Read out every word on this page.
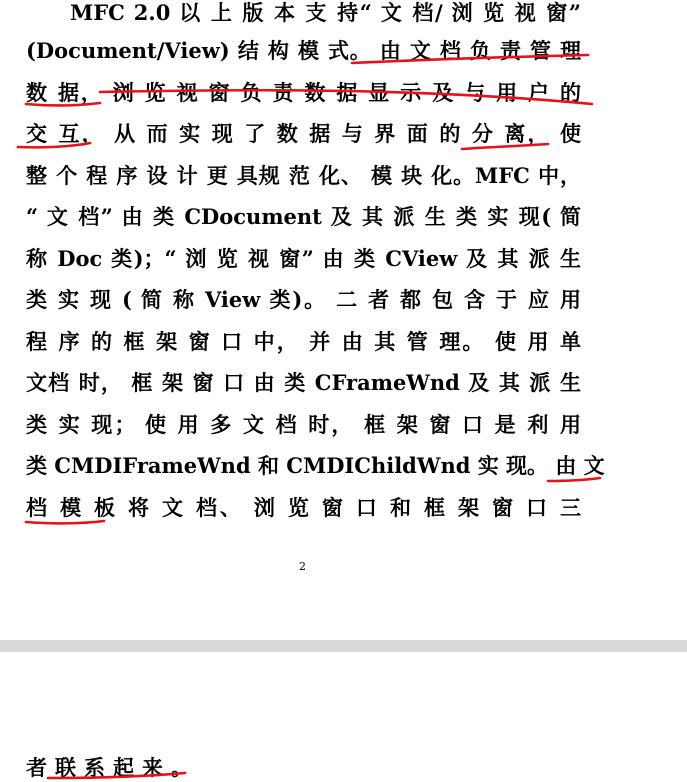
MFC 2.0 以 上 版 本 支 持“ 文 档/ 浏 览 视 窗”
(Document/View) 结 构 模 式。 由 文 档 负 责 管 理
数 据， 浏 览 视 窗 负 责 数 据 显 示 及 与 用 户 的
交 互， 从 而 实 现 了 数 据 与 界 面 的 分 离， 使
整 个 程 序 设 计 更 具规 范 化、 模 块 化。MFC 中，
“ 文 档” 由 类 CDocument 及 其 派 生 类 实 现( 简
称 Doc 类)；“ 浏 览 视 窗” 由 类 CView 及 其 派 生
类 实 现 ( 简 称 View 类)。 二 者 都 包 含 于 应 用
程 序 的 框 架 窗 口 中， 并 由 其 管 理。 使 用 单
文档 时， 框 架 窗 口 由 类 CFrameWnd 及 其 派 生
类 实 现； 使 用 多 文 档 时， 框 架 窗 口 是 利 用
类 CMDIFrameWnd 和 CMDIChildWnd 实 现。 由 文
档 模 板 将 文 档、 浏 览 窗 口 和 框 架 窗 口 三
2
者联系起来。
